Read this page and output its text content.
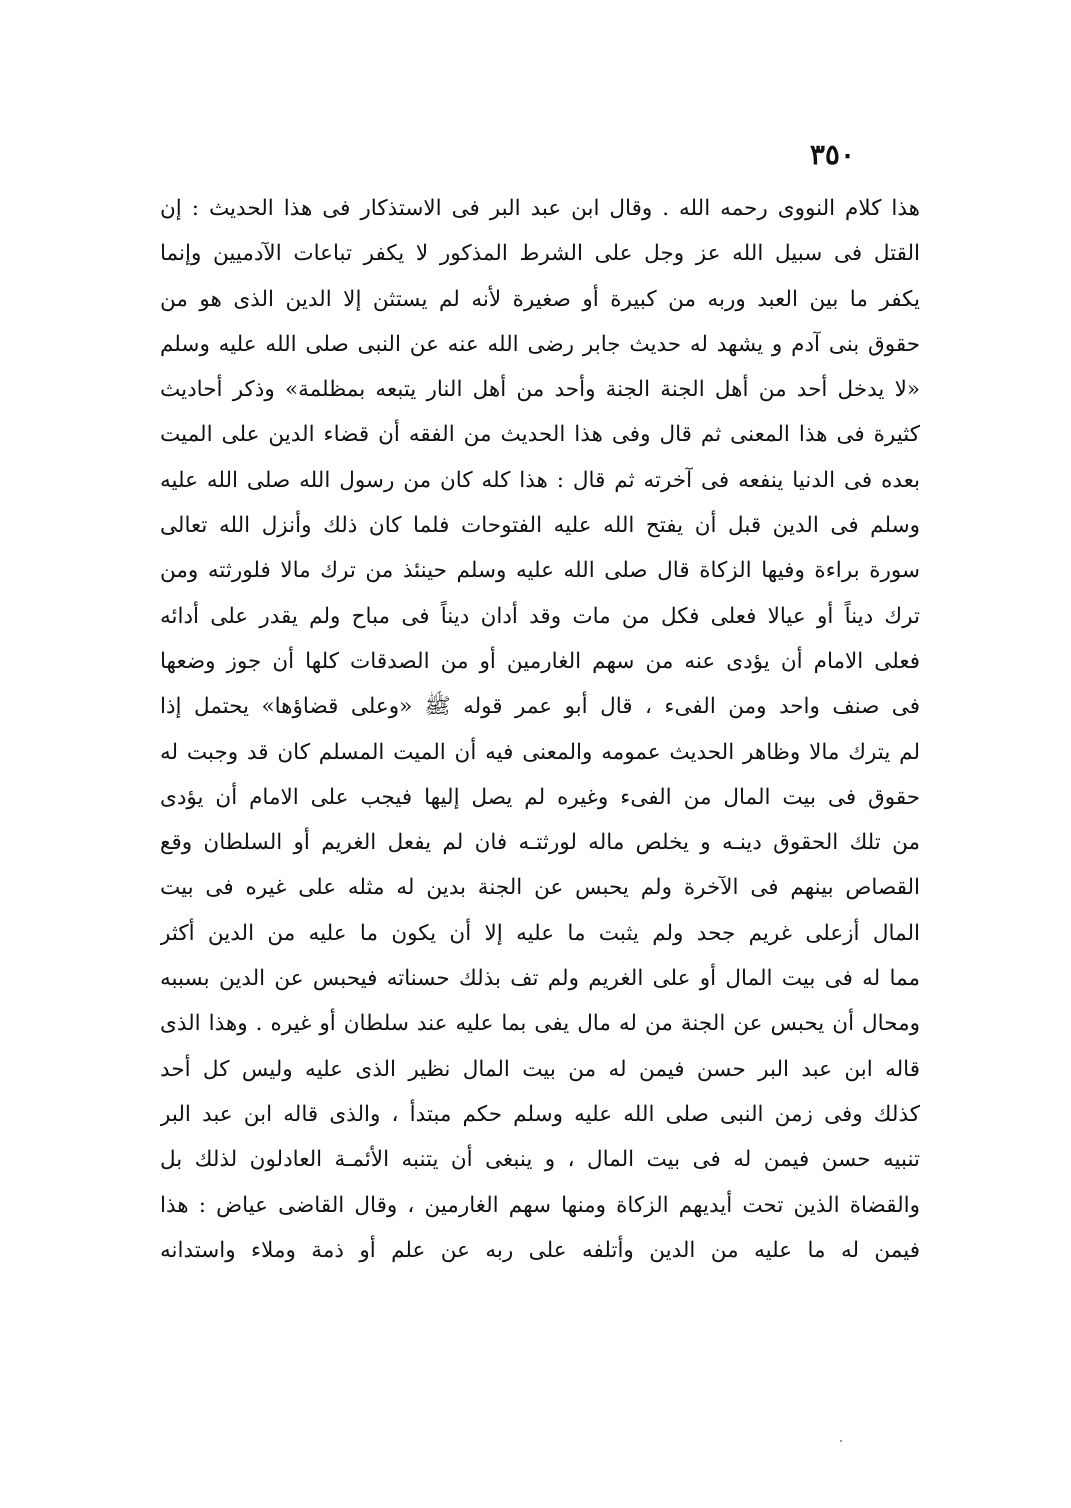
٣٥٠
هذا كلام النووى رحمه الله . وقال ابن عبد البر فى الاستذكار فى هذا الحديث : إن
القتل فى سبيل الله عز وجل على الشرط المذكور لا يكفر تباعات الآدميين وإنما
يكفر ما بين العبد وربه من كبيرة أو صغيرة لأنه لم يستثن إلا الدين الذى هو من
حقوق بنى آدم و يشهد له حديث جابر رضى الله عنه عن النبى صلى الله عليه وسلم
«لا يدخل أحد من أهل الجنة الجنة وأحد من أهل النار يتبعه بمظلمة» وذكر أحاديث
كثيرة فى هذا المعنى ثم قال وفى هذا الحديث من الفقه أن قضاء الدين على الميت
بعده فى الدنيا ينفعه فى آخرته ثم قال : هذا كله كان من رسول الله صلى الله عليه
وسلم فى الدين قبل أن يفتح الله عليه الفتوحات فلما كان ذلك وأنزل الله تعالى
سورة براءة وفيها الزكاة قال صلى الله عليه وسلم حينئذ من ترك مالا فلورثته ومن
ترك ديناً أو عيالا فعلى فكل من مات وقد أدان ديناً فى مباح ولم يقدر على أدائه
فعلى الامام أن يؤدى عنه من سهم الغارمين أو من الصدقات كلها أن جوز وضعها
فى صنف واحد ومن الفىء ، قال أبو عمر قوله ﷺ «وعلى قضاؤها» يحتمل إذا
لم يترك مالا وظاهر الحديث عمومه والمعنى فيه أن الميت المسلم كان قد وجبت له
حقوق فى بيت المال من الفىء وغيره لم يصل إليها فيجب على الامام أن يؤدى
من تلك الحقوق دينـه و يخلص ماله لورثتـه فان لم يفعل الغريم أو السلطان وقع
القصاص بينهم فى الآخرة ولم يحبس عن الجنة بدين له مثله على غيره فى بيت
المال أزعلى غريم جحد ولم يثبت ما عليه إلا أن يكون ما عليه من الدين أكثر
مما له فى بيت المال أو على الغريم ولم تف بذلك حسناته فيحبس عن الدين بسببه
ومحال أن يحبس عن الجنة من له مال يفى بما عليه عند سلطان أو غيره . وهذا الذى
قاله ابن عبد البر حسن فيمن له من بيت المال نظير الذى عليه وليس كل أحد
كذلك وفى زمن النبى صلى الله عليه وسلم حكم مبتدأ ، والذى قاله ابن عبد البر
تنبيه حسن فيمن له فى بيت المال ، و ينبغى أن يتنبه الأئمـة العادلون لذلك بل
والقضاة الذين تحت أيديهم الزكاة ومنها سهم الغارمين ، وقال القاضى عياض : هذا
فيمن له ما عليه من الدين وأتلفه على ربه عن علم أو ذمة وملاء واستدانه
